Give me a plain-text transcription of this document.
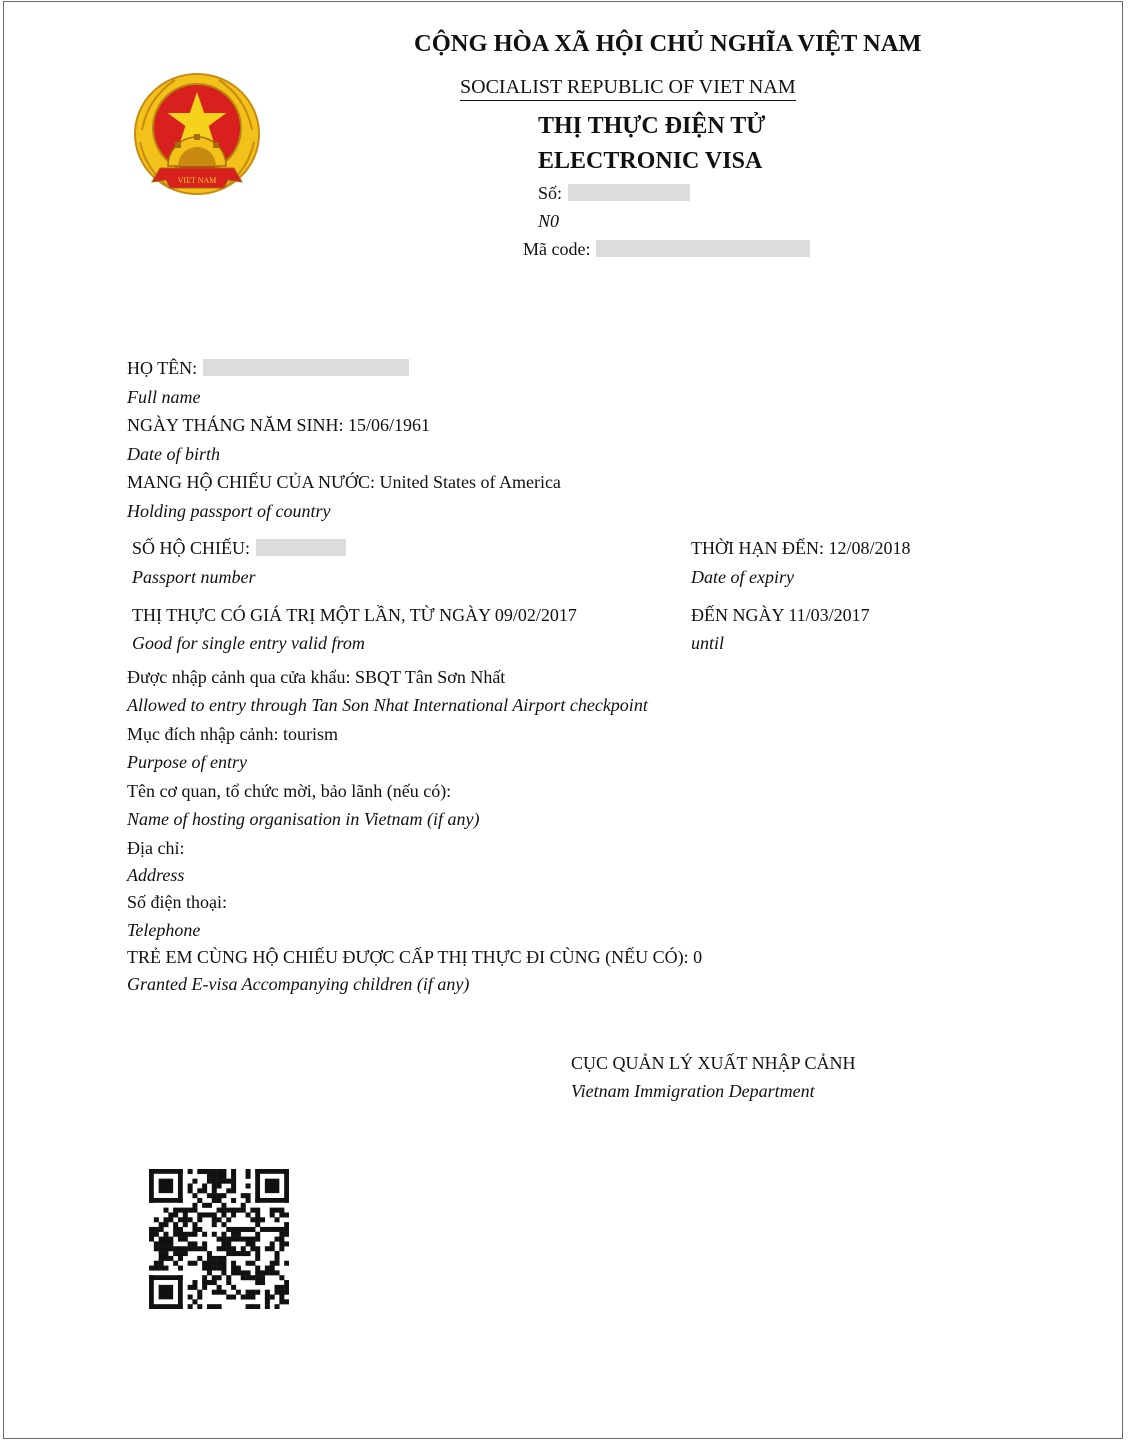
VIET NAM
CỘNG HÒA XÃ HỘI CHỦ NGHĨA VIỆT NAM
SOCIALIST REPUBLIC OF VIET NAM
THỊ THỰC ĐIỆN TỬ
ELECTRONIC VISA
Số:
N0
Mã code:
HỌ TÊN:
Full name
NGÀY THÁNG NĂM SINH: 15/06/1961
Date of birth
MANG HỘ CHIẾU CỦA NƯỚC: United States of America
Holding passport of country
SỐ HỘ CHIẾU:
Passport number
THỜI HẠN ĐẾN: 12/08/2018
Date of expiry
THỊ THỰC CÓ GIÁ TRỊ MỘT LẦN, TỪ NGÀY 09/02/2017
Good for single entry valid from
ĐẾN NGÀY 11/03/2017
until
Được nhập cảnh qua cửa khẩu: SBQT Tân Sơn Nhất
Allowed to entry through Tan Son Nhat International Airport checkpoint
Mục đích nhập cảnh: tourism
Purpose of entry
Tên cơ quan, tổ chức mời, bảo lãnh (nếu có):
Name of hosting organisation in Vietnam (if any)
Địa chỉ:
Address
Số điện thoại:
Telephone
TRẺ EM CÙNG HỘ CHIẾU ĐƯỢC CẤP THỊ THỰC ĐI CÙNG (NẾU CÓ): 0
Granted E-visa Accompanying children (if any)
CỤC QUẢN LÝ XUẤT NHẬP CẢNH
Vietnam Immigration Department
